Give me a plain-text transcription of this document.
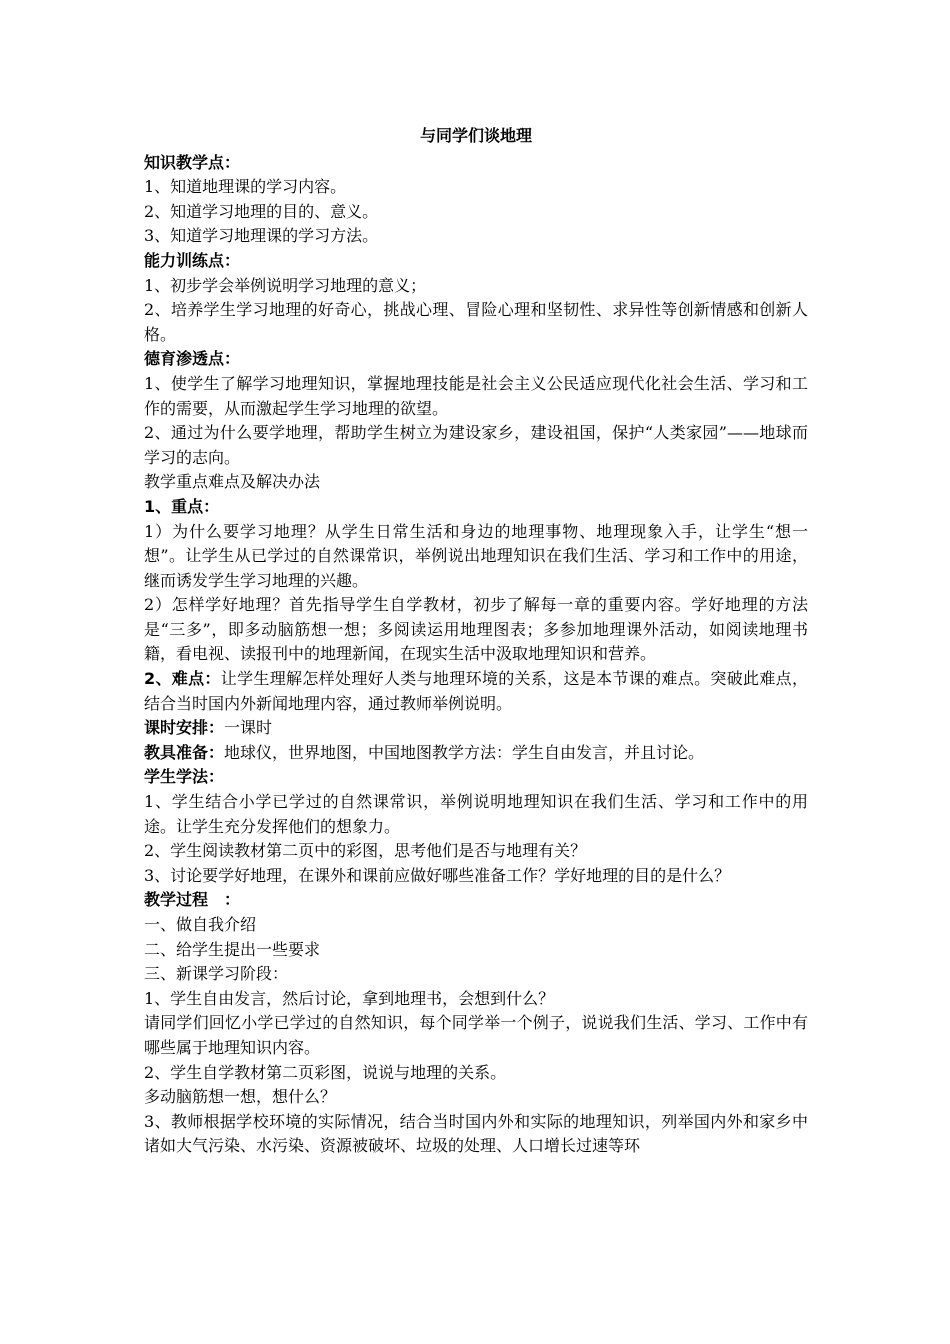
与同学们谈地理

知识教学点：

1、知道地理课的学习内容。

2、知道学习地理的目的、意义。

3、知道学习地理课的学习方法。

能力训练点：

1、初步学会举例说明学习地理的意义；

2、培养学生学习地理的好奇心，挑战心理、冒险心理和坚韧性、求异性等创新情感和创新人格。

德育渗透点：

1、使学生了解学习地理知识，掌握地理技能是社会主义公民适应现代化社会生活、学习和工作的需要，从而激起学生学习地理的欲望。

2、通过为什么要学地理，帮助学生树立为建设家乡，建设祖国，保护“人类家园”——地球而学习的志向。

教学重点难点及解决办法

1、重点：

1）为什么要学习地理？从学生日常生活和身边的地理事物、地理现象入手，让学生“想一想”。让学生从已学过的自然课常识，举例说出地理知识在我们生活、学习和工作中的用途，继而诱发学生学习地理的兴趣。

2）怎样学好地理？首先指导学生自学教材，初步了解每一章的重要内容。学好地理的方法是“三多”，即多动脑筋想一想；多阅读运用地理图表；多参加地理课外活动，如阅读地理书籍，看电视、读报刊中的地理新闻，在现实生活中汲取地理知识和营养。

2、难点：让学生理解怎样处理好人类与地理环境的关系，这是本节课的难点。突破此难点，结合当时国内外新闻地理内容，通过教师举例说明。

课时安排：一课时

教具准备：地球仪，世界地图，中国地图教学方法：学生自由发言，并且讨论。

学生学法：

1、学生结合小学已学过的自然课常识，举例说明地理知识在我们生活、学习和工作中的用途。让学生充分发挥他们的想象力。

2、学生阅读教材第二页中的彩图，思考他们是否与地理有关？

3、讨论要学好地理，在课外和课前应做好哪些准备工作？学好地理的目的是什么？

教学过程　：

一、做自我介绍

二、给学生提出一些要求

三、新课学习阶段：

1、学生自由发言，然后讨论，拿到地理书，会想到什么？

请同学们回忆小学已学过的自然知识，每个同学举一个例子，说说我们生活、学习、工作中有哪些属于地理知识内容。

2、学生自学教材第二页彩图，说说与地理的关系。

多动脑筋想一想，想什么？

3、教师根据学校环境的实际情况，结合当时国内外和实际的地理知识，列举国内外和家乡中诸如大气污染、水污染、资源被破坏、垃圾的处理、人口增长过速等环
